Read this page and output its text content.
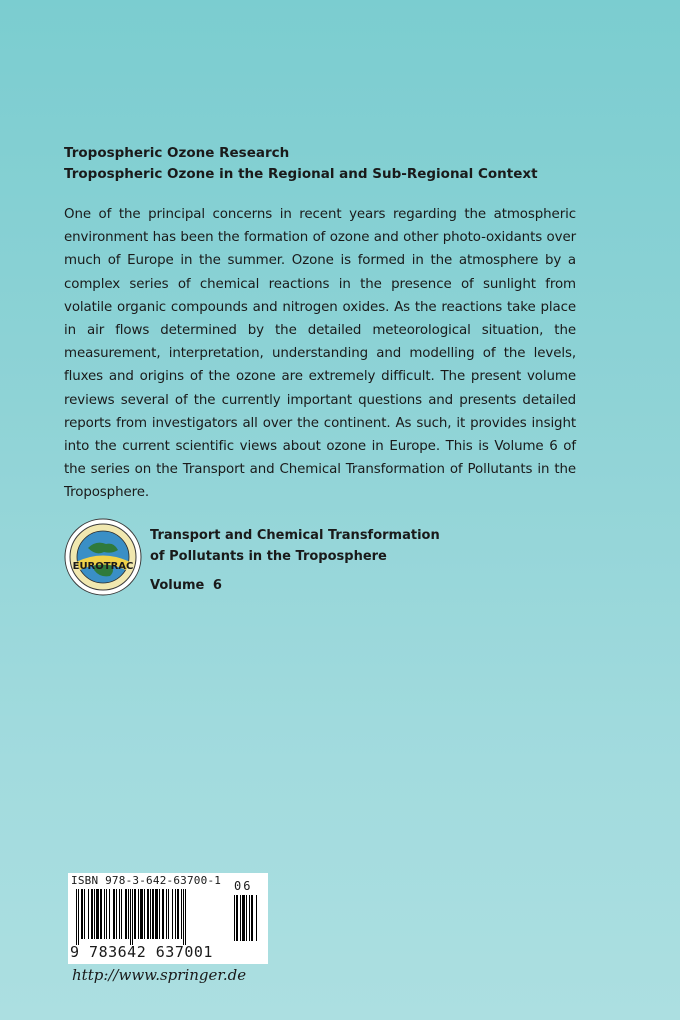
Tropospheric Ozone Research
Tropospheric Ozone in the Regional and Sub-Regional Context

One of the principal concerns in recent years regarding the atmospheric environment has been the formation of ozone and other photo-oxidants over much of Europe in the summer. Ozone is formed in the atmosphere by a complex series of chemical reactions in the presence of sunlight from volatile organic compounds and nitrogen oxides. As the reactions take place in air flows determined by the detailed meteorological situation, the measurement, interpretation, understanding and modelling of the levels, fluxes and origins of the ozone are extremely difficult. The present volume reviews several of the currently important questions and presents detailed reports from investigators all over the continent. As such, it provides insight into the current scientific views about ozone in Europe. This is Volume 6 of the series on the Transport and Chemical Transformation of Pollutants in the Troposphere.

EUROTRAC
Transport and Chemical Transformation
of Pollutants in the Troposphere
Volume 6
ISBN 978-3-642-63700-1 06
9 783642 637001
http://www.springer.de
